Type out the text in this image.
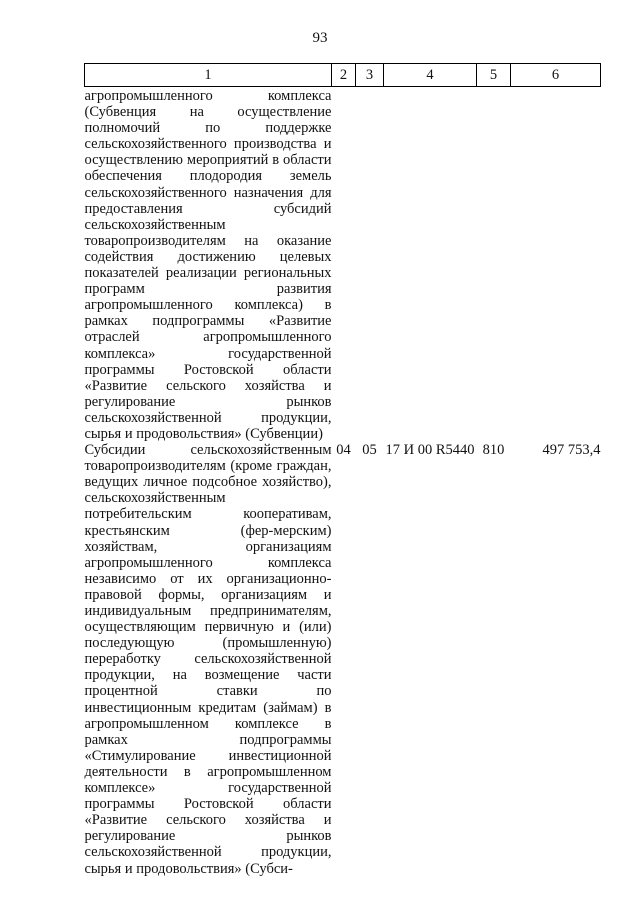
93
1	2	3	4	5	6
агропромышленного комплекса (Субвенция на осуществление полномочий по поддержке сельскохозяйственного производства и осуществлению мероприятий в области обеспечения плодородия земель сельскохозяйственного назначения для предоставления субсидий сельскохозяйственным товаропроизводителям на оказание содействия достижению целевых показателей реализации региональных программ развития агропромышленного комплекса) в рамках подпрограммы «Развитие отраслей агропромышленного комплекса» государственной программы Ростовской области «Развитие сельского хозяйства и регулирование рынков сельскохозяйственной продукции, сырья и продовольствия» (Субвенции)					
Субсидии сельскохозяйственным товаропроизводителям (кроме граждан, ведущих личное подсобное хозяйство), сельскохозяйственным потребительским кооперативам, крестьянским (фер-мерским) хозяйствам, организациям агропромышленного комплекса независимо от их организационно-правовой формы, организациям и индивидуальным предпринимателям, осуществляющим первичную и (или) последующую (промышленную) переработку сельскохозяйственной продукции, на возмещение части процентной ставки по инвестиционным кредитам (займам) в агропромышленном комплексе в рамках подпрограммы «Стимулирование инвестиционной деятельности в агропромышленном комплексе» государственной программы Ростовской области «Развитие сельского хозяйства и регулирование рынков сельскохозяйственной продукции, сырья и продовольствия» (Субси-	04	05	17 И 00 R5440	810	497 753,4
